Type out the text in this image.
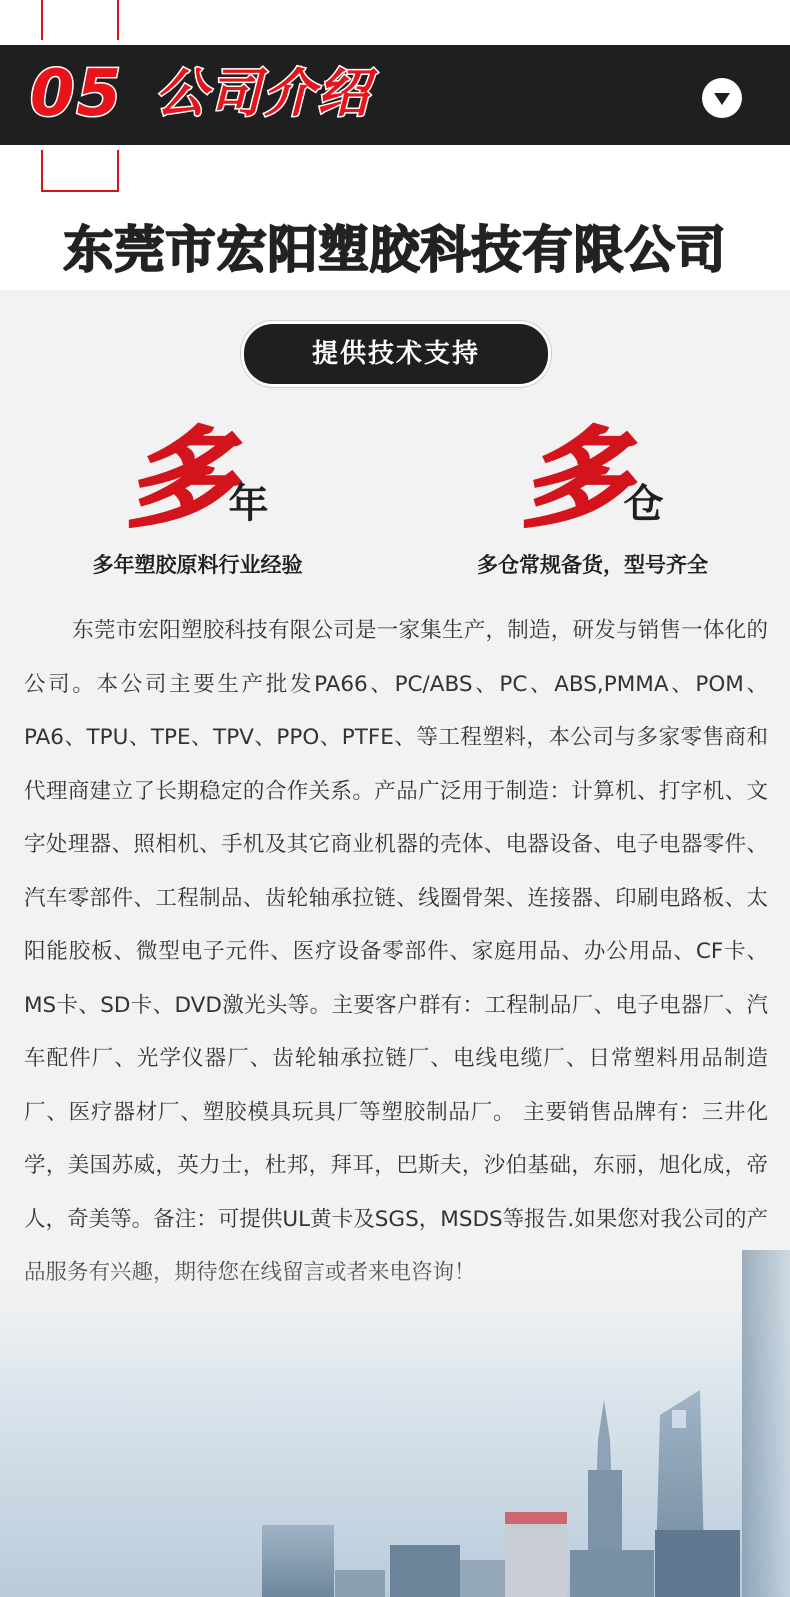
05 公司介绍
东莞市宏阳塑胶科技有限公司
提供技术支持
多年	多仓
多年塑胶原料行业经验	多仓常规备货，型号齐全

东莞市宏阳塑胶科技有限公司是一家集生产，制造，研发与销售一体化的公司。本公司主要生产批发PA66、PC/ABS、PC、ABS,PMMA、POM、PA6、TPU、TPE、TPV、PPO、PTFE、等工程塑料，本公司与多家零售商和代理商建立了长期稳定的合作关系。产品广泛用于制造：计算机、打字机、文字处理器、照相机、手机及其它商业机器的壳体、电器设备、电子电器零件、汽车零部件、工程制品、齿轮轴承拉链、线圈骨架、连接器、印刷电路板、太阳能胶板、微型电子元件、医疗设备零部件、家庭用品、办公用品、CF卡、MS卡、SD卡、DVD激光头等。主要客户群有：工程制品厂、电子电器厂、汽车配件厂、光学仪器厂、齿轮轴承拉链厂、电线电缆厂、日常塑料用品制造厂、医疗器材厂、塑胶模具玩具厂等塑胶制品厂。 主要销售品牌有：三井化学，美国苏威，英力士，杜邦，拜耳，巴斯夫，沙伯基础，东丽，旭化成，帝人，奇美等。备注：可提供UL黄卡及SGS，MSDS等报告.如果您对我公司的产
